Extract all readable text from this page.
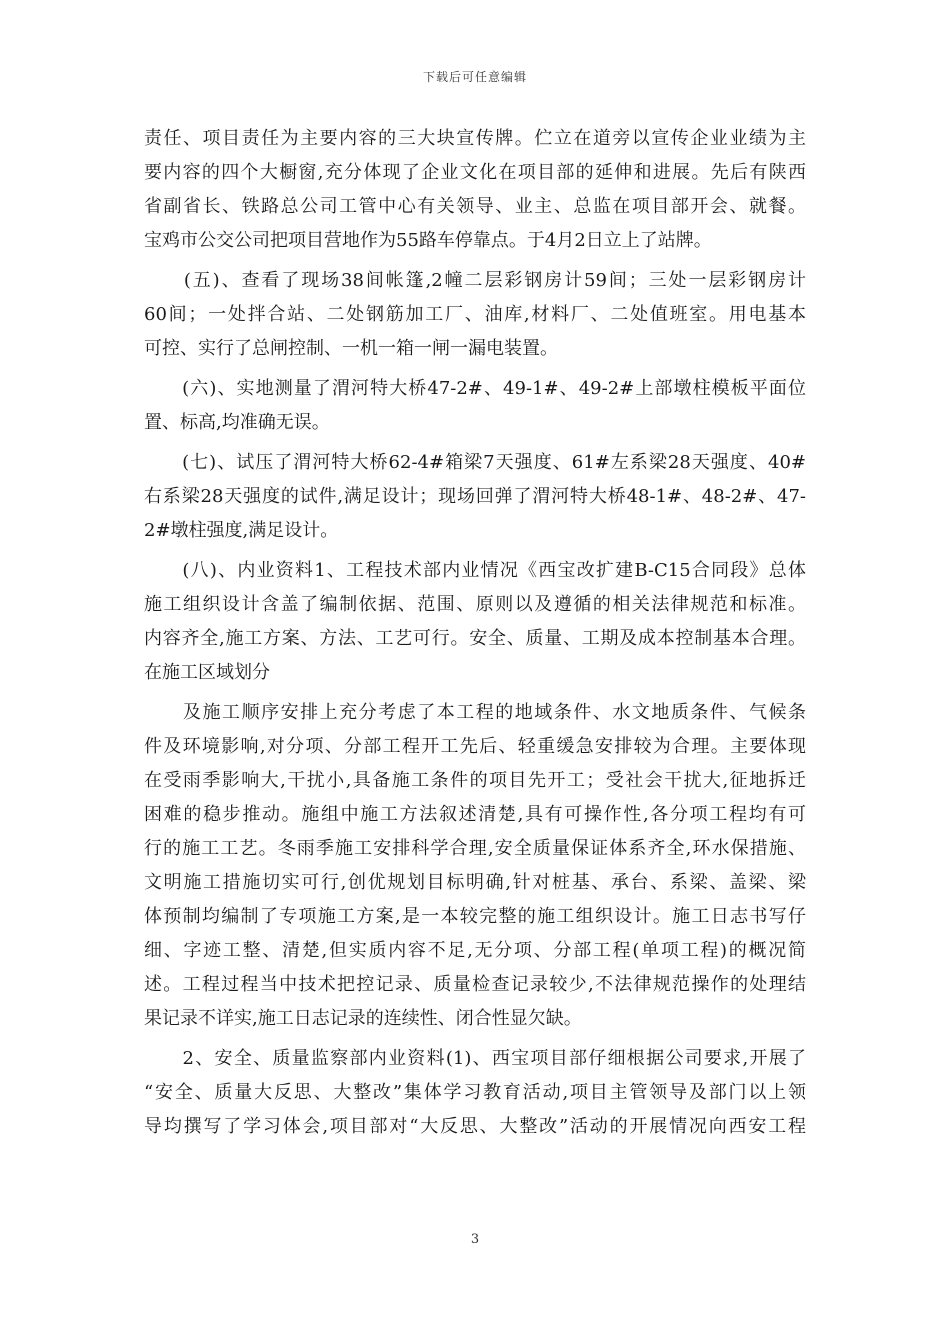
下载后可任意编辑
责任、项目责任为主要内容的三大块宣传牌。伫立在道旁以宣传企业业绩为主
要内容的四个大橱窗,充分体现了企业文化在项目部的延伸和进展。先后有陕西
省副省长、铁路总公司工管中心有关领导、业主、总监在项目部开会、就餐。
宝鸡市公交公司把项目营地作为55路车停靠点。于4月2日立上了站牌。
　　(五)、查看了现场38间帐篷,2幢二层彩钢房计59间；三处一层彩钢房计
60间；一处拌合站、二处钢筋加工厂、油库,材料厂、二处值班室。用电基本
可控、实行了总闸控制、一机一箱一闸一漏电装置。
　　(六)、实地测量了渭河特大桥47-2#、49-1#、49-2#上部墩柱模板平面位
置、标高,均准确无误。
　　(七)、试压了渭河特大桥62-4#箱梁7天强度、61#左系梁28天强度、40#
右系梁28天强度的试件,满足设计；现场回弹了渭河特大桥48-1#、48-2#、47-
2#墩柱强度,满足设计。
　　(八)、内业资料1、工程技术部内业情况《西宝改扩建B-C15合同段》总体
施工组织设计含盖了编制依据、范围、原则以及遵循的相关法律规范和标准。
内容齐全,施工方案、方法、工艺可行。安全、质量、工期及成本控制基本合理。
在施工区域划分
　　及施工顺序安排上充分考虑了本工程的地域条件、水文地质条件、气候条
件及环境影响,对分项、分部工程开工先后、轻重缓急安排较为合理。主要体现
在受雨季影响大,干扰小,具备施工条件的项目先开工；受社会干扰大,征地拆迁
困难的稳步推动。施组中施工方法叙述清楚,具有可操作性,各分项工程均有可
行的施工工艺。冬雨季施工安排科学合理,安全质量保证体系齐全,环水保措施、
文明施工措施切实可行,创优规划目标明确,针对桩基、承台、系梁、盖梁、梁
体预制均编制了专项施工方案,是一本较完整的施工组织设计。施工日志书写仔
细、字迹工整、清楚,但实质内容不足,无分项、分部工程(单项工程)的概况简
述。工程过程当中技术把控记录、质量检查记录较少,不法律规范操作的处理结
果记录不详实,施工日志记录的连续性、闭合性显欠缺。
　　2、安全、质量监察部内业资料(1)、西宝项目部仔细根据公司要求,开展了
“安全、质量大反思、大整改”集体学习教育活动,项目主管领导及部门以上领
导均撰写了学习体会,项目部对“大反思、大整改”活动的开展情况向西安工程
3
